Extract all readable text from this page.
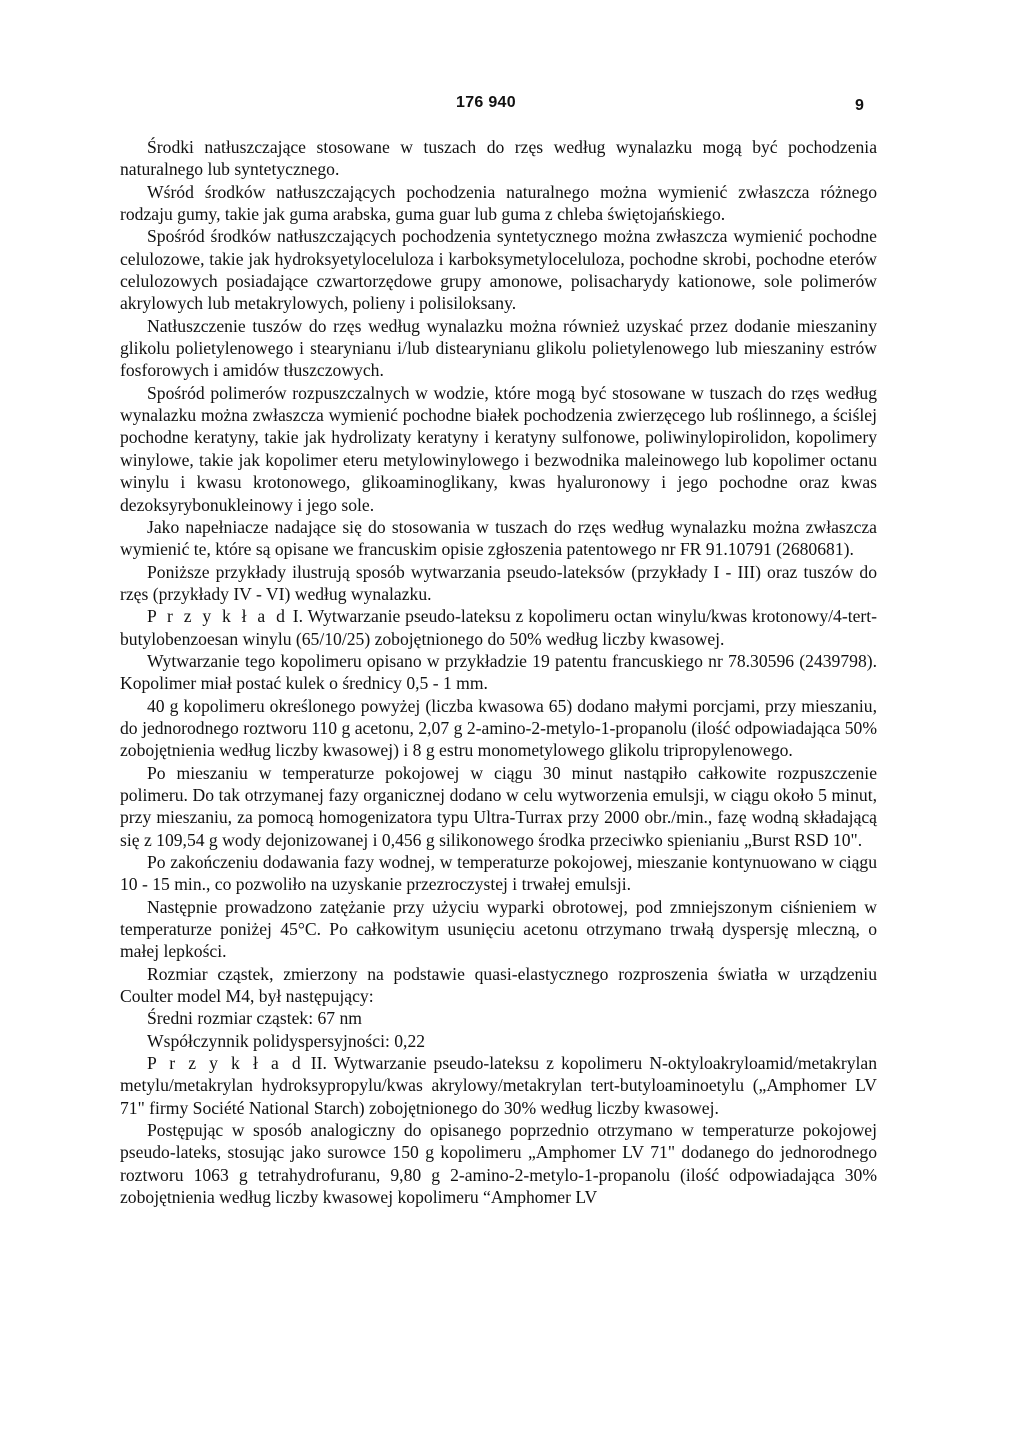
176 940	9

Środki natłuszczające stosowane w tuszach do rzęs według wynalazku mogą być pochodzenia naturalnego lub syntetycznego.

Wśród środków natłuszczających pochodzenia naturalnego można wymienić zwłaszcza różnego rodzaju gumy, takie jak guma arabska, guma guar lub guma z chleba świętojańskiego.

Spośród środków natłuszczających pochodzenia syntetycznego można zwłaszcza wymienić pochodne celulozowe, takie jak hydroksyetyloceluloza i karboksymetyloceluloza, pochodne skrobi, pochodne eterów celulozowych posiadające czwartorzędowe grupy amonowe, polisacharydy kationowe, sole polimerów akrylowych lub metakrylowych, polieny i polisiloksany.

Natłuszczenie tuszów do rzęs według wynalazku można również uzyskać przez dodanie mieszaniny glikolu polietylenowego i stearynianu i/lub distearynianu glikolu polietylenowego lub mieszaniny estrów fosforowych i amidów tłuszczowych.

Spośród polimerów rozpuszczalnych w wodzie, które mogą być stosowane w tuszach do rzęs według wynalazku można zwłaszcza wymienić pochodne białek pochodzenia zwierzęcego lub roślinnego, a ściślej pochodne keratyny, takie jak hydrolizaty keratyny i keratyny sulfonowe, poliwinylopirolidon, kopolimery winylowe, takie jak kopolimer eteru metylowinylowego i bezwodnika maleinowego lub kopolimer octanu winylu i kwasu krotonowego, glikoaminoglikany, kwas hyaluronowy i jego pochodne oraz kwas dezoksyrybonukleinowy i jego sole.

Jako napełniacze nadające się do stosowania w tuszach do rzęs według wynalazku można zwłaszcza wymienić te, które są opisane we francuskim opisie zgłoszenia patentowego nr FR 91.10791 (2680681).

Poniższe przykłady ilustrują sposób wytwarzania pseudo-lateksów (przykłady I - III) oraz tuszów do rzęs (przykłady IV - VI) według wynalazku.

P r z y k ł a d I. Wytwarzanie pseudo-lateksu z kopolimeru octan winylu/kwas krotonowy/4-tert-butylobenzoesan winylu (65/10/25) zobojętnionego do 50% według liczby kwasowej.

Wytwarzanie tego kopolimeru opisano w przykładzie 19 patentu francuskiego nr 78.30596 (2439798). Kopolimer miał postać kulek o średnicy 0,5 - 1 mm.

40 g kopolimeru określonego powyżej (liczba kwasowa 65) dodano małymi porcjami, przy mieszaniu, do jednorodnego roztworu 110 g acetonu, 2,07 g 2-amino-2-metylo-1-propanolu (ilość odpowiadająca 50% zobojętnienia według liczby kwasowej) i 8 g estru monometylowego glikolu tripropylenowego.

Po mieszaniu w temperaturze pokojowej w ciągu 30 minut nastąpiło całkowite rozpuszczenie polimeru. Do tak otrzymanej fazy organicznej dodano w celu wytworzenia emulsji, w ciągu około 5 minut, przy mieszaniu, za pomocą homogenizatora typu Ultra-Turrax przy 2000 obr./min., fazę wodną składającą się z 109,54 g wody dejonizowanej i 0,456 g silikonowego środka przeciwko spienianiu „Burst RSD 10".

Po zakończeniu dodawania fazy wodnej, w temperaturze pokojowej, mieszanie kontynuowano w ciągu 10 - 15 min., co pozwoliło na uzyskanie przezroczystej i trwałej emulsji.

Następnie prowadzono zatężanie przy użyciu wyparki obrotowej, pod zmniejszonym ciśnieniem w temperaturze poniżej 45°C. Po całkowitym usunięciu acetonu otrzymano trwałą dyspersję mleczną, o małej lepkości.

Rozmiar cząstek, zmierzony na podstawie quasi-elastycznego rozproszenia światła w urządzeniu Coulter model M4, był następujący:

Średni rozmiar cząstek: 67 nm

Współczynnik polidyspersyjności: 0,22

P r z y k ł a d II. Wytwarzanie pseudo-lateksu z kopolimeru N-oktyloakryloamid/metakrylan metylu/metakrylan hydroksypropylu/kwas akrylowy/metakrylan tert-butyloaminoetylu („Amphomer LV 71" firmy Société National Starch) zobojętnionego do 30% według liczby kwasowej.

Postępując w sposób analogiczny do opisanego poprzednio otrzymano w temperaturze pokojowej pseudo-lateks, stosując jako surowce 150 g kopolimeru „Amphomer LV 71" dodanego do jednorodnego roztworu 1063 g tetrahydrofuranu, 9,80 g 2-amino-2-metylo-1-propanolu (ilość odpowiadająca 30% zobojętnienia według liczby kwasowej kopolimeru “Amphomer LV
